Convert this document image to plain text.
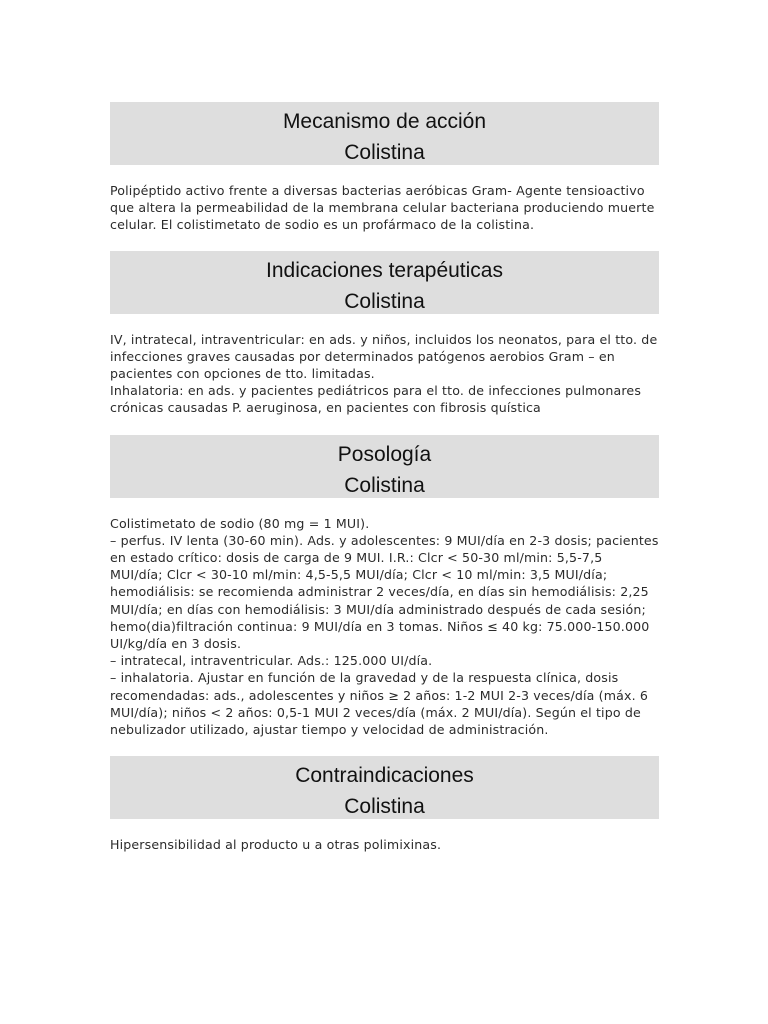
Mecanismo de acción
Colistina
Polipéptido activo frente a diversas bacterias aeróbicas Gram- Agente tensioactivo que altera la permeabilidad de la membrana celular bacteriana produciendo muerte celular. El colistimetato de sodio es un profármaco de la colistina.
Indicaciones terapéuticas
Colistina
IV, intratecal, intraventricular: en ads. y niños, incluidos los neonatos, para el tto. de infecciones graves causadas por determinados patógenos aerobios Gram – en pacientes con opciones de tto. limitadas.
Inhalatoria: en ads. y pacientes pediátricos para el tto. de infecciones pulmonares crónicas causadas P. aeruginosa, en pacientes con fibrosis quística
Posología
Colistina
Colistimetato de sodio (80 mg = 1 MUI).
– perfus. IV lenta (30-60 min). Ads. y adolescentes: 9 MUI/día en 2-3 dosis; pacientes en estado crítico: dosis de carga de 9 MUI. I.R.: Clcr < 50-30 ml/min: 5,5-7,5 MUI/día; Clcr < 30-10 ml/min: 4,5-5,5 MUI/día; Clcr < 10 ml/min: 3,5 MUI/día; hemodiálisis: se recomienda administrar 2 veces/día, en días sin hemodiálisis: 2,25 MUI/día; en días con hemodiálisis: 3 MUI/día administrado después de cada sesión; hemo(dia)filtración continua: 9 MUI/día en 3 tomas. Niños ≤ 40 kg: 75.000-150.000 UI/kg/día en 3 dosis.
– intratecal, intraventricular. Ads.: 125.000 UI/día.
– inhalatoria. Ajustar en función de la gravedad y de la respuesta clínica, dosis recomendadas: ads., adolescentes y niños ≥ 2 años: 1-2 MUI 2-3 veces/día (máx. 6 MUI/día); niños < 2 años: 0,5-1 MUI 2 veces/día (máx. 2 MUI/día). Según el tipo de nebulizador utilizado, ajustar tiempo y velocidad de administración.
Contraindicaciones
Colistina
Hipersensibilidad al producto u a otras polimixinas.
